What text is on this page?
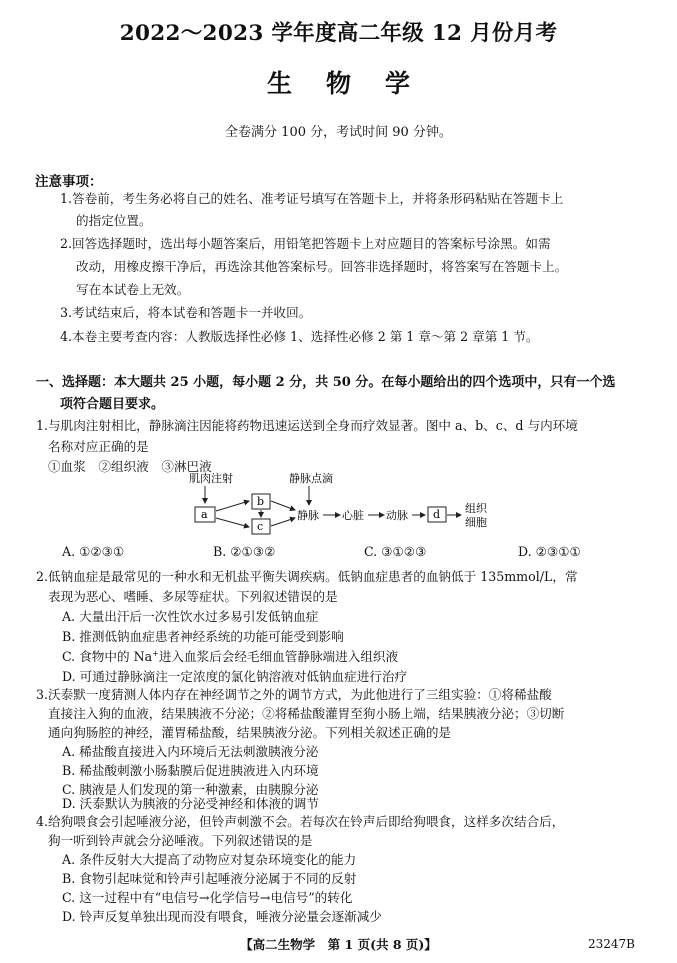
2022～2023 学年度高二年级 12 月份月考
生 物 学
全卷满分 100 分，考试时间 90 分钟。
注意事项：
1.答卷前，考生务必将自己的姓名、准考证号填写在答题卡上，并将条形码粘贴在答题卡上
的指定位置。
2.回答选择题时，选出每小题答案后，用铅笔把答题卡上对应题目的答案标号涂黑。如需
改动，用橡皮擦干净后，再选涂其他答案标号。回答非选择题时，将答案写在答题卡上。
写在本试卷上无效。
3.考试结束后，将本试卷和答题卡一并收回。
4.本卷主要考查内容：人教版选择性必修 1、选择性必修 2 第 1 章～第 2 章第 1 节。
一、选择题：本大题共 25 小题，每小题 2 分，共 50 分。在每小题给出的四个选项中，只有一个选
项符合题目要求。
1.与肌肉注射相比，静脉滴注因能将药物迅速运送到全身而疗效显著。图中 a、b、c、d 与内环境
名称对应正确的是
①血浆　②组织液　③淋巴液
肌肉注射
a
b
c
静脉点滴
静脉 心脏 动脉 d 组织
细胞
A. ①②③①	B. ②①③②	C. ③①②③	D. ②③①①
2.低钠血症是最常见的一种水和无机盐平衡失调疾病。低钠血症患者的血钠低于 135mmol/L，常
表现为恶心、嗜睡、多尿等症状。下列叙述错误的是
A. 大量出汗后一次性饮水过多易引发低钠血症
B. 推测低钠血症患者神经系统的功能可能受到影响
C. 食物中的 Na+进入血浆后会经毛细血管静脉端进入组织液
D. 可通过静脉滴注一定浓度的氯化钠溶液对低钠血症进行治疗
3.沃泰默一度猜测人体内存在神经调节之外的调节方式，为此他进行了三组实验：①将稀盐酸
直接注入狗的血液，结果胰液不分泌；②将稀盐酸灌胃至狗小肠上端，结果胰液分泌；③切断
通向狗肠腔的神经，灌胃稀盐酸，结果胰液分泌。下列相关叙述正确的是
A. 稀盐酸直接进入内环境后无法刺激胰液分泌
B. 稀盐酸刺激小肠黏膜后促进胰液进入内环境
C. 胰液是人们发现的第一种激素，由胰腺分泌
D. 沃泰默认为胰液的分泌受神经和体液的调节
4.给狗喂食会引起唾液分泌，但铃声刺激不会。若每次在铃声后即给狗喂食，这样多次结合后，
狗一听到铃声就会分泌唾液。下列叙述错误的是
A. 条件反射大大提高了动物应对复杂环境变化的能力
B. 食物引起味觉和铃声引起唾液分泌属于不同的反射
C. 这一过程中有“电信号→化学信号→电信号”的转化
【高二生物学　第 1 页(共 8 页)】	23247B
D. 铃声反复单独出现而没有喂食，唾液分泌量会逐渐减少
